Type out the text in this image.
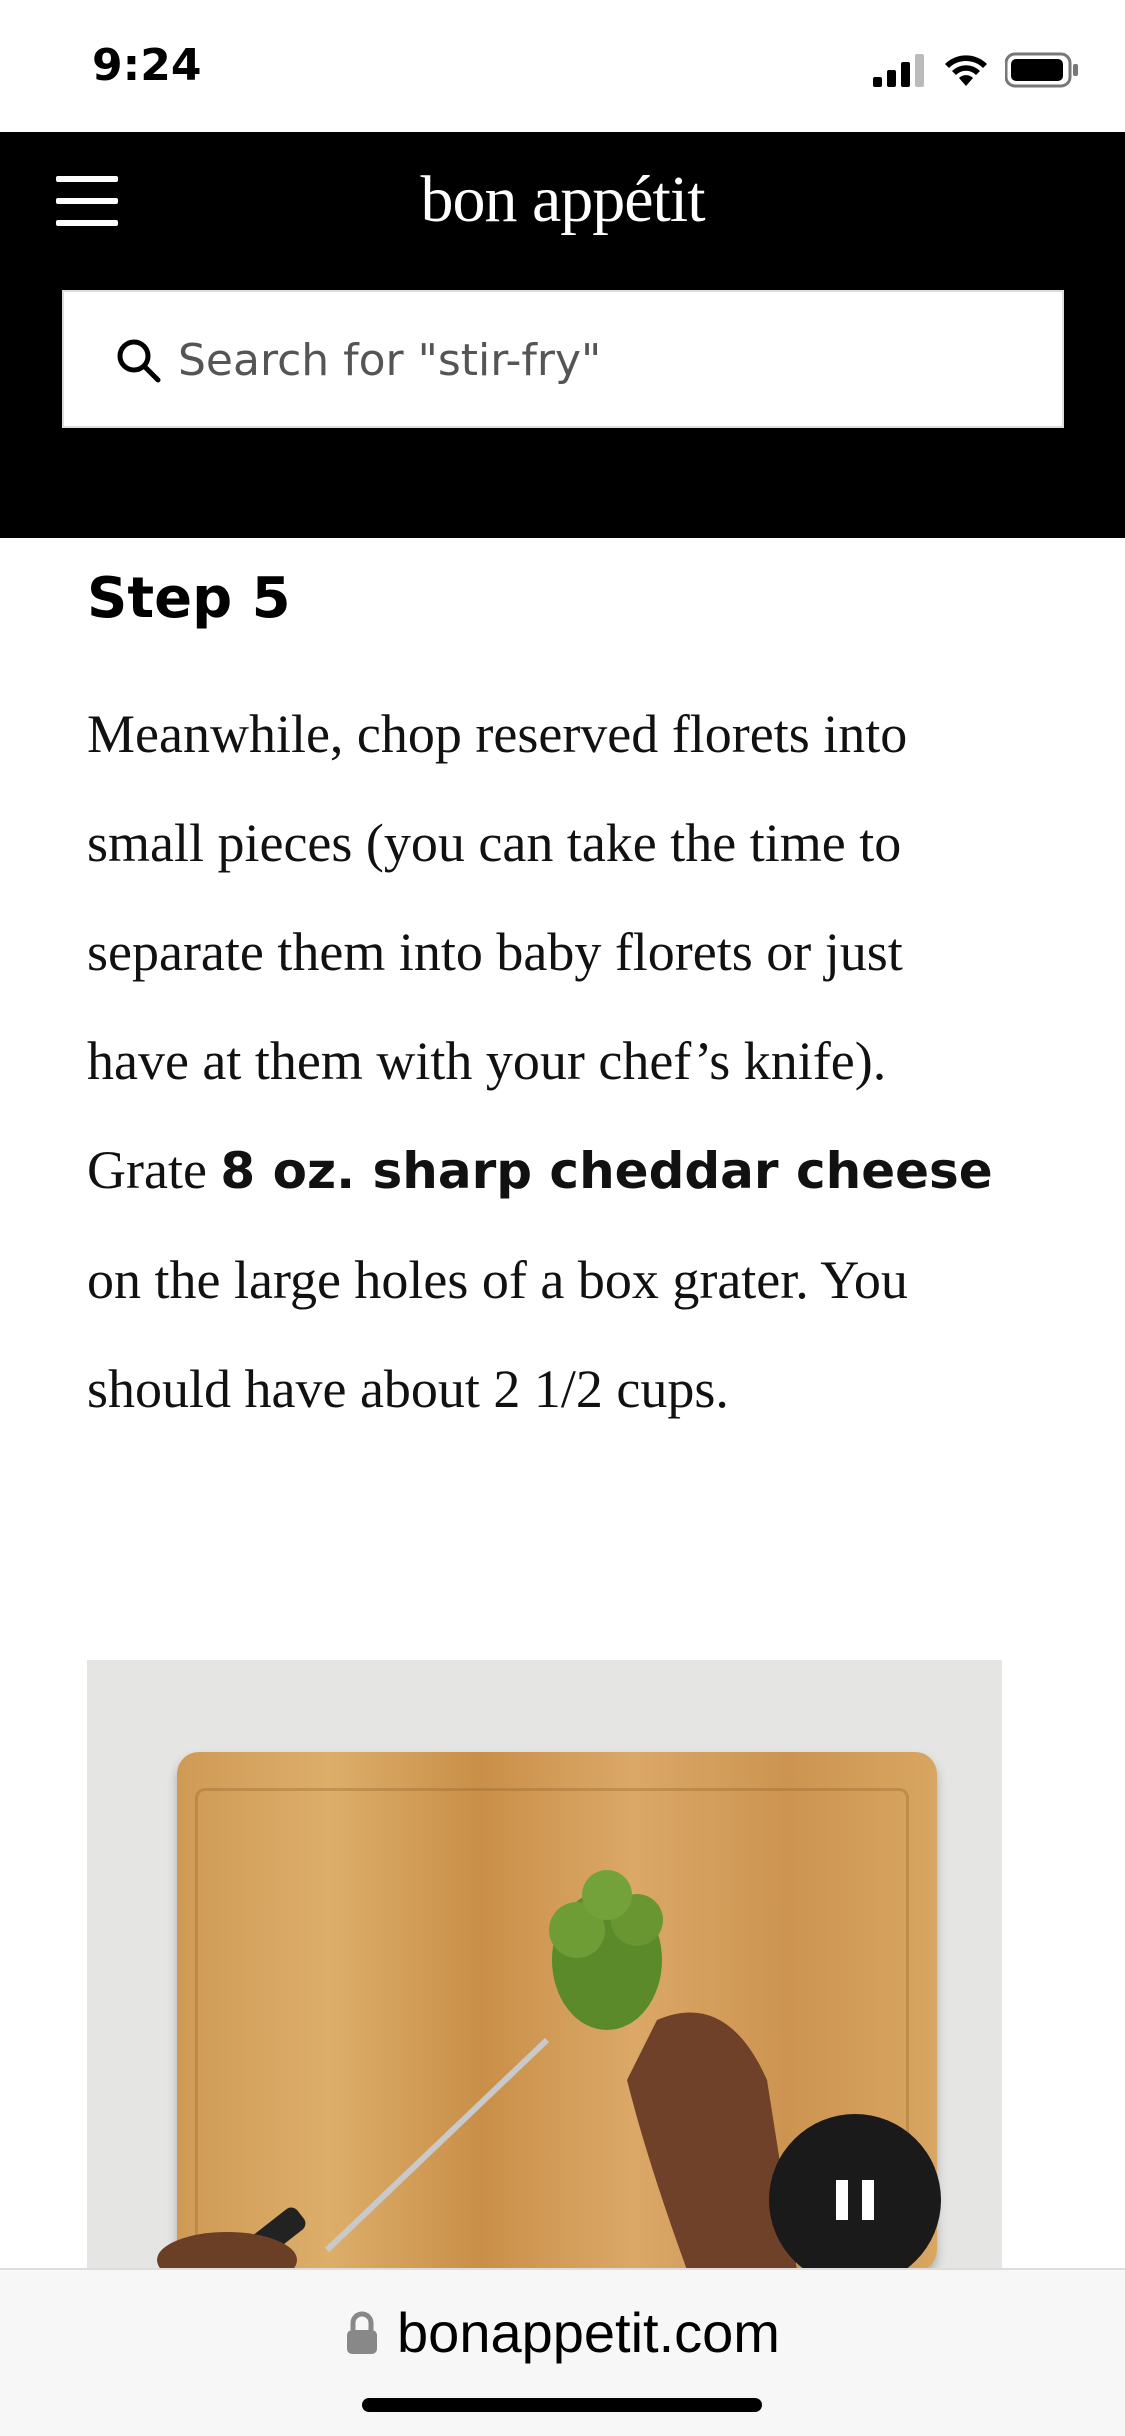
9:24
bon appétit
Search for "stir-fry"
Step 5

Meanwhile, chop reserved florets into small pieces (you can take the time to separate them into baby florets or just have at them with your chef’s knife). Grate 8 oz. sharp cheddar cheese on the large holes of a box grater. You should have about 2 1/2 cups.

bonappetit.com
